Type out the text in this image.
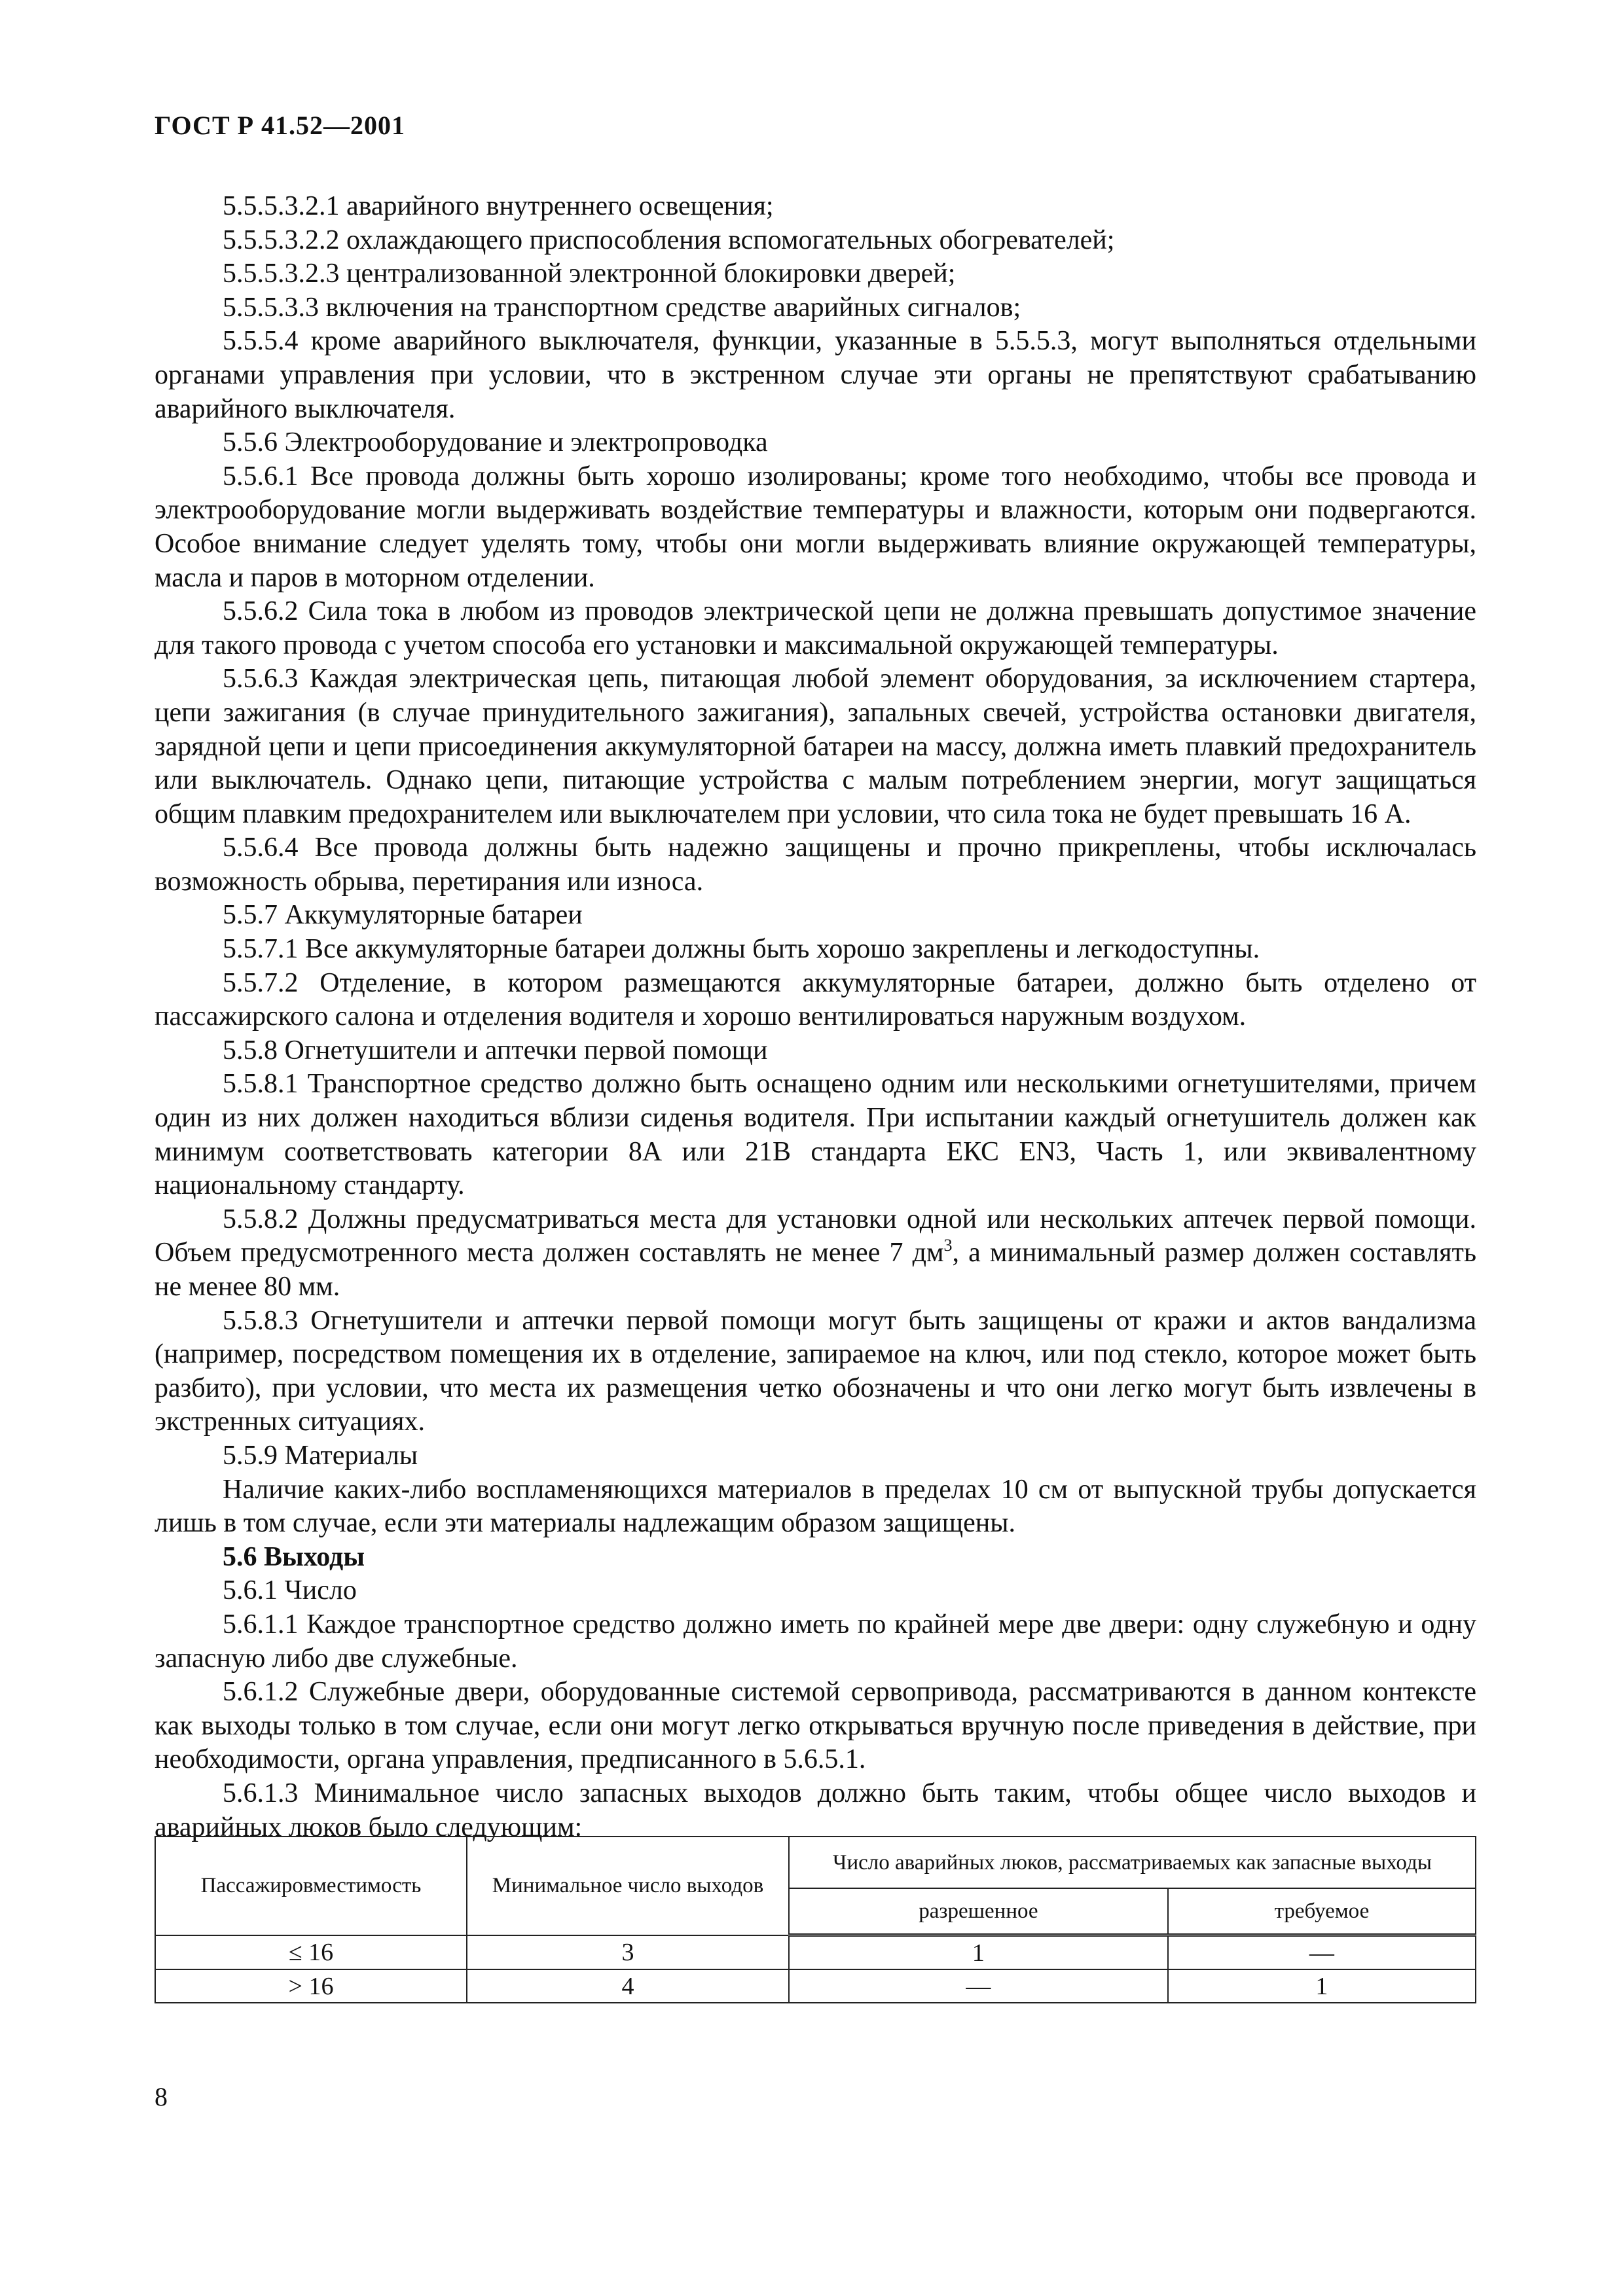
ГОСТ Р 41.52—2001

5.5.5.3.2.1 аварийного внутреннего освещения;

5.5.5.3.2.2 охлаждающего приспособления вспомогательных обогревателей;

5.5.5.3.2.3 централизованной электронной блокировки дверей;

5.5.5.3.3 включения на транспортном средстве аварийных сигналов;

5.5.5.4 кроме аварийного выключателя, функции, указанные в 5.5.5.3, могут выполняться отдельными органами управления при условии, что в экстренном случае эти органы не препятствуют срабатыванию аварийного выключателя.

5.5.6 Электрооборудование и электропроводка

5.5.6.1 Все провода должны быть хорошо изолированы; кроме того необходимо, чтобы все провода и электрооборудование могли выдерживать воздействие температуры и влажности, которым они подвергаются. Особое внимание следует уделять тому, чтобы они могли выдерживать влияние окружающей температуры, масла и паров в моторном отделении.

5.5.6.2 Сила тока в любом из проводов электрической цепи не должна превышать допустимое значение для такого провода с учетом способа его установки и максимальной окружающей температуры.

5.5.6.3 Каждая электрическая цепь, питающая любой элемент оборудования, за исключением стартера, цепи зажигания (в случае принудительного зажигания), запальных свечей, устройства остановки двигателя, зарядной цепи и цепи присоединения аккумуляторной батареи на массу, должна иметь плавкий предохранитель или выключатель. Однако цепи, питающие устройства с малым потреблением энергии, могут защищаться общим плавким предохранителем или выключателем при условии, что сила тока не будет превышать 16 А.

5.5.6.4 Все провода должны быть надежно защищены и прочно прикреплены, чтобы исключалась возможность обрыва, перетирания или износа.

5.5.7 Аккумуляторные батареи

5.5.7.1 Все аккумуляторные батареи должны быть хорошо закреплены и легкодоступны.

5.5.7.2 Отделение, в котором размещаются аккумуляторные батареи, должно быть отделено от пассажирского салона и отделения водителя и хорошо вентилироваться наружным воздухом.

5.5.8 Огнетушители и аптечки первой помощи

5.5.8.1 Транспортное средство должно быть оснащено одним или несколькими огнетушителями, причем один из них должен находиться вблизи сиденья водителя. При испытании каждый огнетушитель должен как минимум соответствовать категории 8А или 21В стандарта ЕКС EN3, Часть 1, или эквивалентному национальному стандарту.

5.5.8.2 Должны предусматриваться места для установки одной или нескольких аптечек первой помощи. Объем предусмотренного места должен составлять не менее 7 $дм^3$, а минимальный размер должен составлять не менее 80 мм.

5.5.8.3 Огнетушители и аптечки первой помощи могут быть защищены от кражи и актов вандализма (например, посредством помещения их в отделение, запираемое на ключ, или под стекло, которое может быть разбито), при условии, что места их размещения четко обозначены и что они легко могут быть извлечены в экстренных ситуациях.

5.5.9 Материалы

Наличие каких-либо воспламеняющихся материалов в пределах 10 см от выпускной трубы допускается лишь в том случае, если эти материалы надлежащим образом защищены.

5.6 Выходы

5.6.1 Число

5.6.1.1 Каждое транспортное средство должно иметь по крайней мере две двери: одну служебную и одну запасную либо две служебные.

5.6.1.2 Служебные двери, оборудованные системой сервопривода, рассматриваются в данном контексте как выходы только в том случае, если они могут легко открываться вручную после приведения в действие, при необходимости, органа управления, предписанного в 5.6.5.1.

5.6.1.3 Минимальное число запасных выходов должно быть таким, чтобы общее число выходов и аварийных люков было следующим:

Пассажировместимость	Минимальное число выходов	Число аварийных люков, рассматриваемых как запасные выходы	
		разрешенное	требуемое
≤ 16	3	1	—
> 16	4	—	1
8
